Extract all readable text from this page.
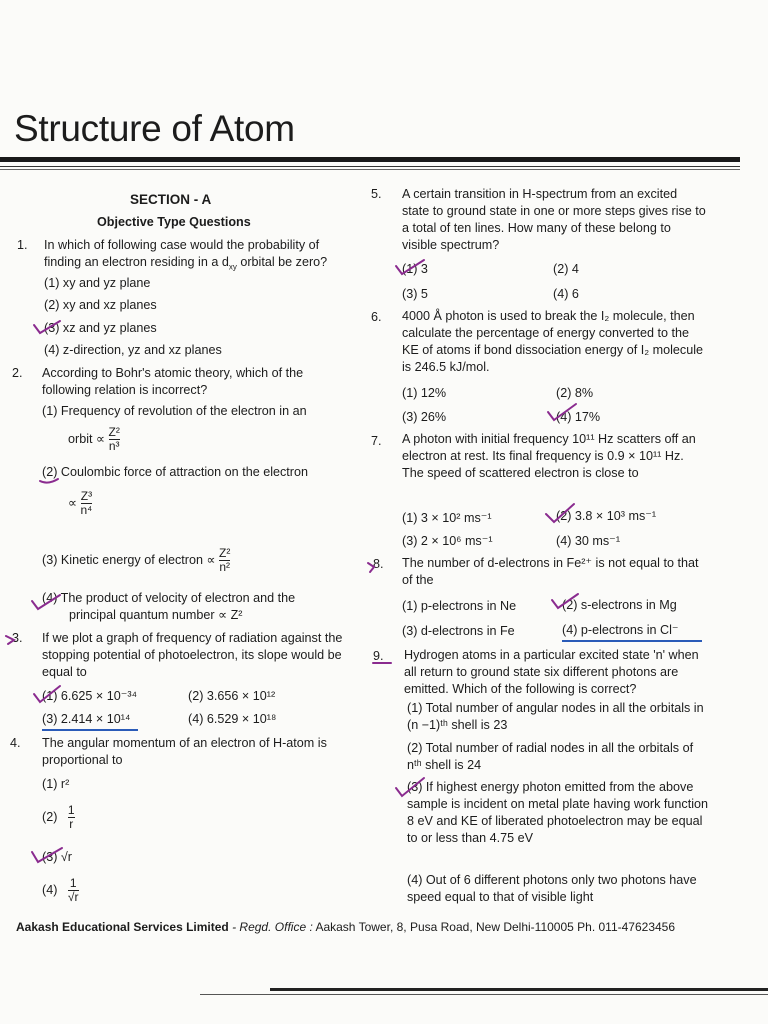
Structure of Atom
SECTION - A
Objective Type Questions
1. In which of following case would the probability of finding an electron residing in a $d_{xy}$ orbital be zero?
(1) xy and yz plane
(2) xy and xz planes
(3) xz and yz planes
(4) z-direction, yz and xz planes
2. According to Bohr's atomic theory, which of the following relation is incorrect?
(1) Frequency of revolution of the electron in an
orbit ∝ $\frac{\text{Z²}}{\text{n³}}$
(2) Coulombic force of attraction on the electron
∝ $\frac{\text{Z³}}{\text{n⁴}}$
(3) Kinetic energy of electron ∝ $\frac{\text{Z²}}{\text{n²}}$
(4) The product of velocity of electron and the
principal quantum number ∝ Z²
3. If we plot a graph of frequency of radiation against the stopping potential of photoelectron, its slope would be equal to
(1) 6.625 × 10⁻³⁴	(2) 3.656 × 10¹²
(3) 2.414 × 10¹⁴	(4) 6.529 × 10¹⁸
4. The angular momentum of an electron of H-atom is proportional to
(1) r²
$(2) \frac{1}{r}$
(3) √r
$(4) \frac{1}{√r}$
5. A certain transition in H-spectrum from an excited state to ground state in one or more steps gives rise to a total of ten lines. How many of these belong to visible spectrum?
(1) 3	(2) 4
(3) 5	(4) 6
6. 4000 Å photon is used to break the I₂ molecule, then calculate the percentage of energy converted to the KE of atoms if bond dissociation energy of I₂ molecule is 246.5 kJ/mol.
(1) 12%	(2) 8%
(3) 26%	(4) 17%
7. A photon with initial frequency 10¹¹ Hz scatters off an electron at rest. Its final frequency is 0.9 × 10¹¹ Hz. The speed of scattered electron is close to
(1) 3 × 10² ms⁻¹	(2) 3.8 × 10³ ms⁻¹
(3) 2 × 10⁶ ms⁻¹	(4) 30 ms⁻¹
8. The number of d-electrons in Fe²⁺ is not equal to that of the
(1) p-electrons in Ne	(2) s-electrons in Mg
(3) d-electrons in Fe	(4) p-electrons in Cl⁻
9. Hydrogen atoms in a particular excited state 'n' when all return to ground state six different photons are emitted. Which of the following is correct?
(1) Total number of angular nodes in all the orbitals in (n −1)ᵗʰ shell is 23
(2) Total number of radial nodes in all the orbitals of nᵗʰ shell is 24
(3) If highest energy photon emitted from the above sample is incident on metal plate having work function 8 eV and KE of liberated photoelectron may be equal to or less than 4.75 eV
(4) Out of 6 different photons only two photons have speed equal to that of visible light
Aakash Educational Services Limited - Regd. Office : Aakash Tower, 8, Pusa Road, New Delhi-110005 Ph. 011-47623456
